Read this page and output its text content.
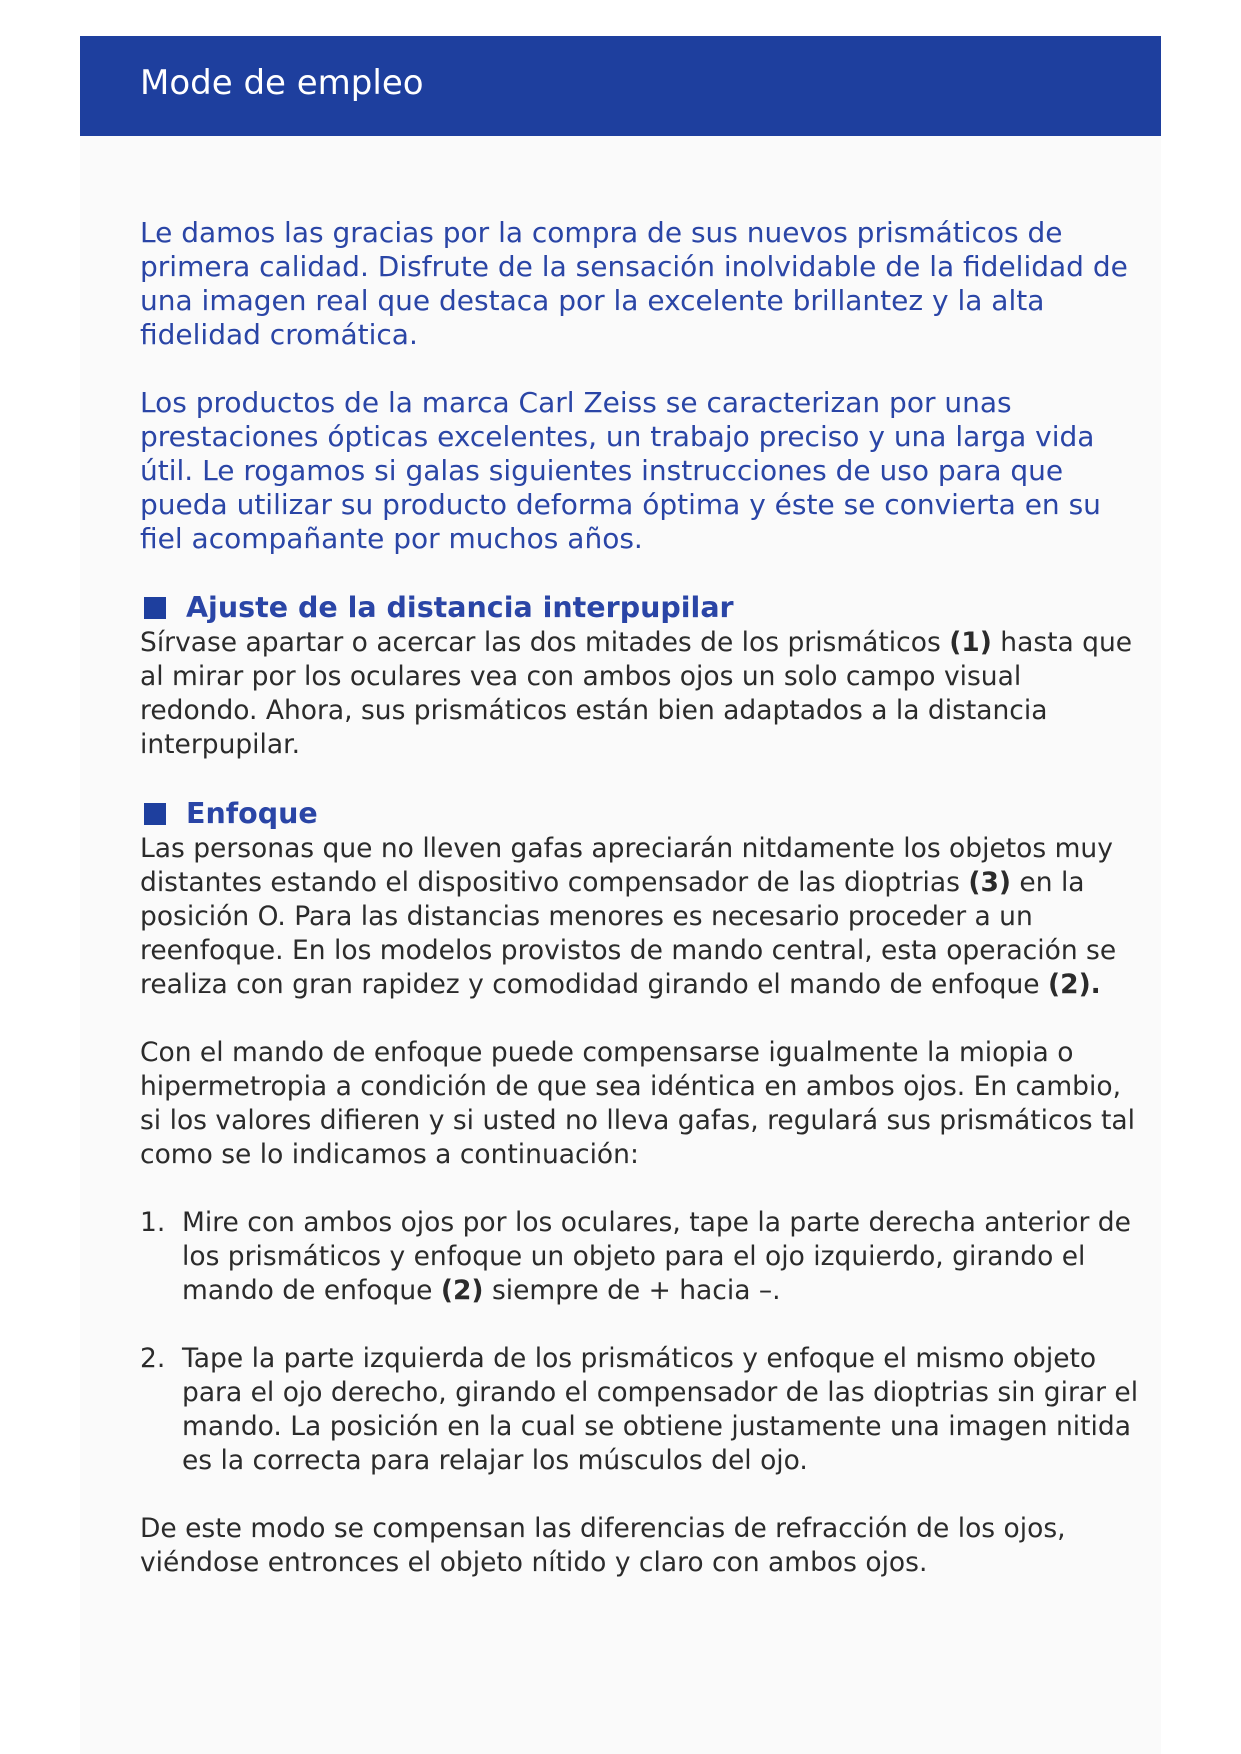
Mode de empleo

Le damos las gracias por la compra de sus nuevos prismáticos de primera calidad. Disfrute de la sensación inolvidable de la fidelidad de una imagen real que destaca por la excelente brillantez y la alta fidelidad cromática.

Los productos de la marca Carl Zeiss se caracterizan por unas prestaciones ópticas excelentes, un trabajo preciso y una larga vida útil. Le rogamos si galas siguientes instrucciones de uso para que pueda utilizar su producto deforma óptima y éste se convierta en su fiel acompañante por muchos años.

Ajuste de la distancia interpupilar

Sírvase apartar o acercar las dos mitades de los prismáticos (1) hasta que al mirar por los oculares vea con ambos ojos un solo campo visual redondo. Ahora, sus prismáticos están bien adaptados a la distancia interpupilar.

Enfoque

Las personas que no lleven gafas apreciarán nitdamente los objetos muy distantes estando el dispositivo compensador de las dioptrias (3) en la posición O. Para las distancias menores es necesario proceder a un reenfoque. En los modelos provistos de mando central, esta operación se realiza con gran rapidez y comodidad girando el mando de enfoque (2).

Con el mando de enfoque puede compensarse igualmente la miopia o hipermetropia a condición de que sea idéntica en ambos ojos. En cambio, si los valores difieren y si usted no lleva gafas, regulará sus prismáticos tal como se lo indicamos a continuación:

1. Mire con ambos ojos por los oculares, tape la parte derecha anterior de los prismáticos y enfoque un objeto para el ojo izquierdo, girando el mando de enfoque (2) siempre de + hacia –.
2. Tape la parte izquierda de los prismáticos y enfoque el mismo objeto para el ojo derecho, girando el compensador de las dioptrias sin girar el mando. La posición en la cual se obtiene justamente una imagen nitida es la correcta para relajar los músculos del ojo.

De este modo se compensan las diferencias de refracción de los ojos, viéndose entronces el objeto nítido y claro con ambos ojos.
